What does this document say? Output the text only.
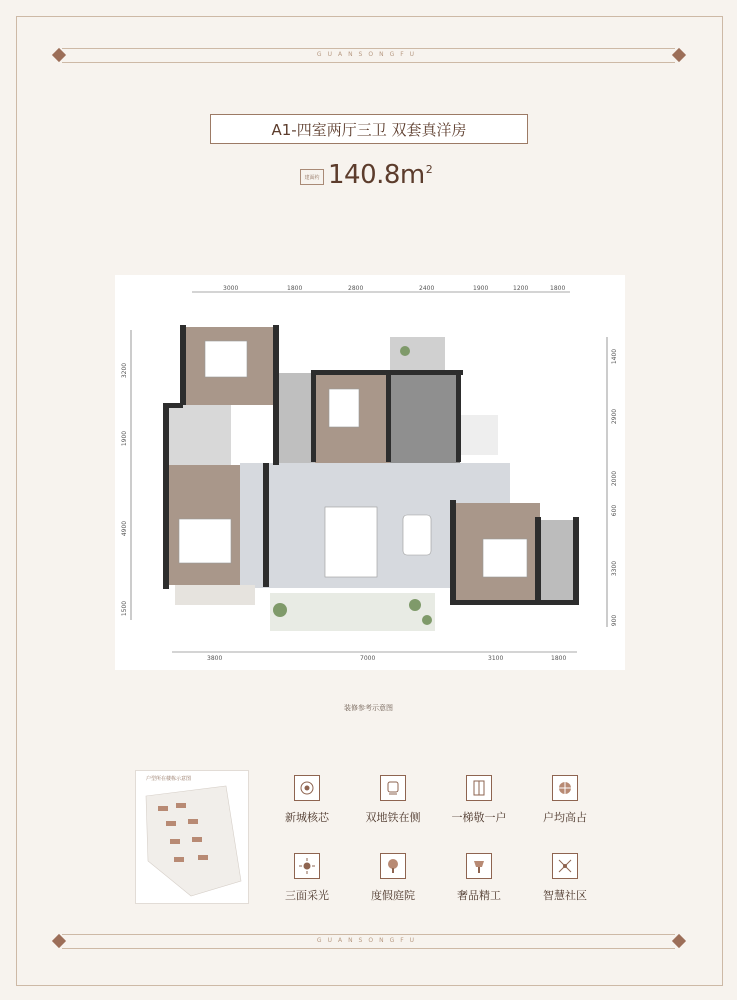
GUANSONGFU
GUANSONGFU
A1-四室两厅三卫 双套真洋房
建面约 140.8m 2
3000	1800	2800	2400	1900	1200	1800
3800	7000	3100	1800
3200
1900
4900
1500
1400
2900
2000
600
3300
900
装修参考示意图
户型所在楼栋示意图
新城核芯	双地铁在侧	一梯敬一户	户均高占
三面采光	度假庭院	奢品精工	智慧社区
